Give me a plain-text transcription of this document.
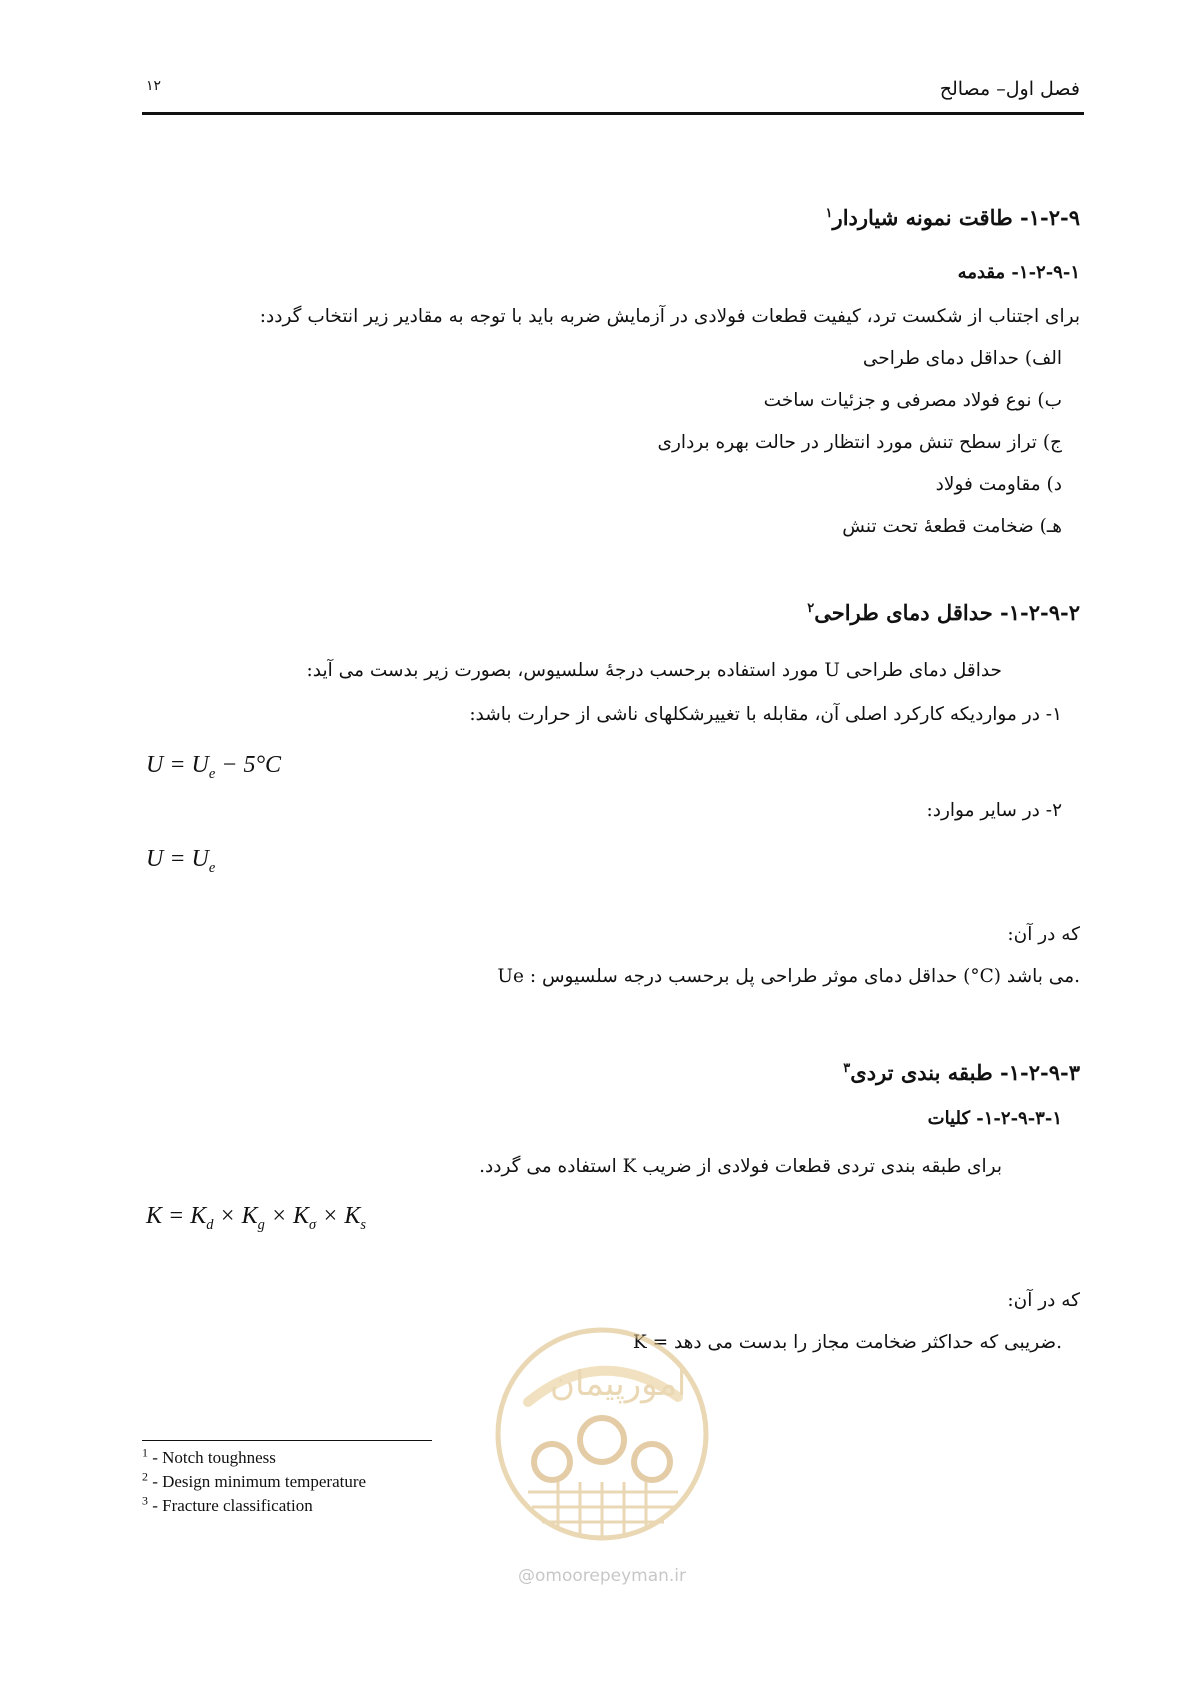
۱۲	فصل اول– مصالح
۱-۲-۹- طاقت نمونه شیاردار$^۱$
۱-۲-۹-۱- مقدمه
برای اجتناب از شکست ترد، کیفیت قطعات فولادی در آزمایش ضربه باید با توجه به مقادیر زیر انتخاب گردد:
الف) حداقل دمای طراحی
ب) نوع فولاد مصرفی و جزئیات ساخت
ج) تراز سطح تنش مورد انتظار در حالت بهره برداری
د) مقاومت فولاد
هـ) ضخامت قطعهٔ تحت تنش
۱-۲-۹-۲- حداقل دمای طراحی$^۲$
حداقل دمای طراحی U مورد استفاده برحسب درجهٔ سلسیوس، بصورت زیر بدست می آید:
۱- در مواردیکه کارکرد اصلی آن، مقابله با تغییرشکلهای ناشی از حرارت باشد:
$U = U_e - 5^\circ C$
۲- در سایر موارد:
$U = U_e$
که در آن:
Ue : حداقل دمای موثر طراحی پل برحسب درجه سلسیوس (°C) می باشد.
۱-۲-۹-۳- طبقه بندی تردی$^۳$
۱-۲-۹-۳-۱- کلیات
برای طبقه بندی تردی قطعات فولادی از ضریب K استفاده می گردد.
$K = K_d \times K_g \times K_\sigma \times K_s$
که در آن:
K = ضریبی که حداکثر ضخامت مجاز را بدست می دهد.
امورپیمان
@omoorepeyman.ir
$^1$ - Notch toughness
$^2$ - Design minimum temperature
$^3$ - Fracture classification
